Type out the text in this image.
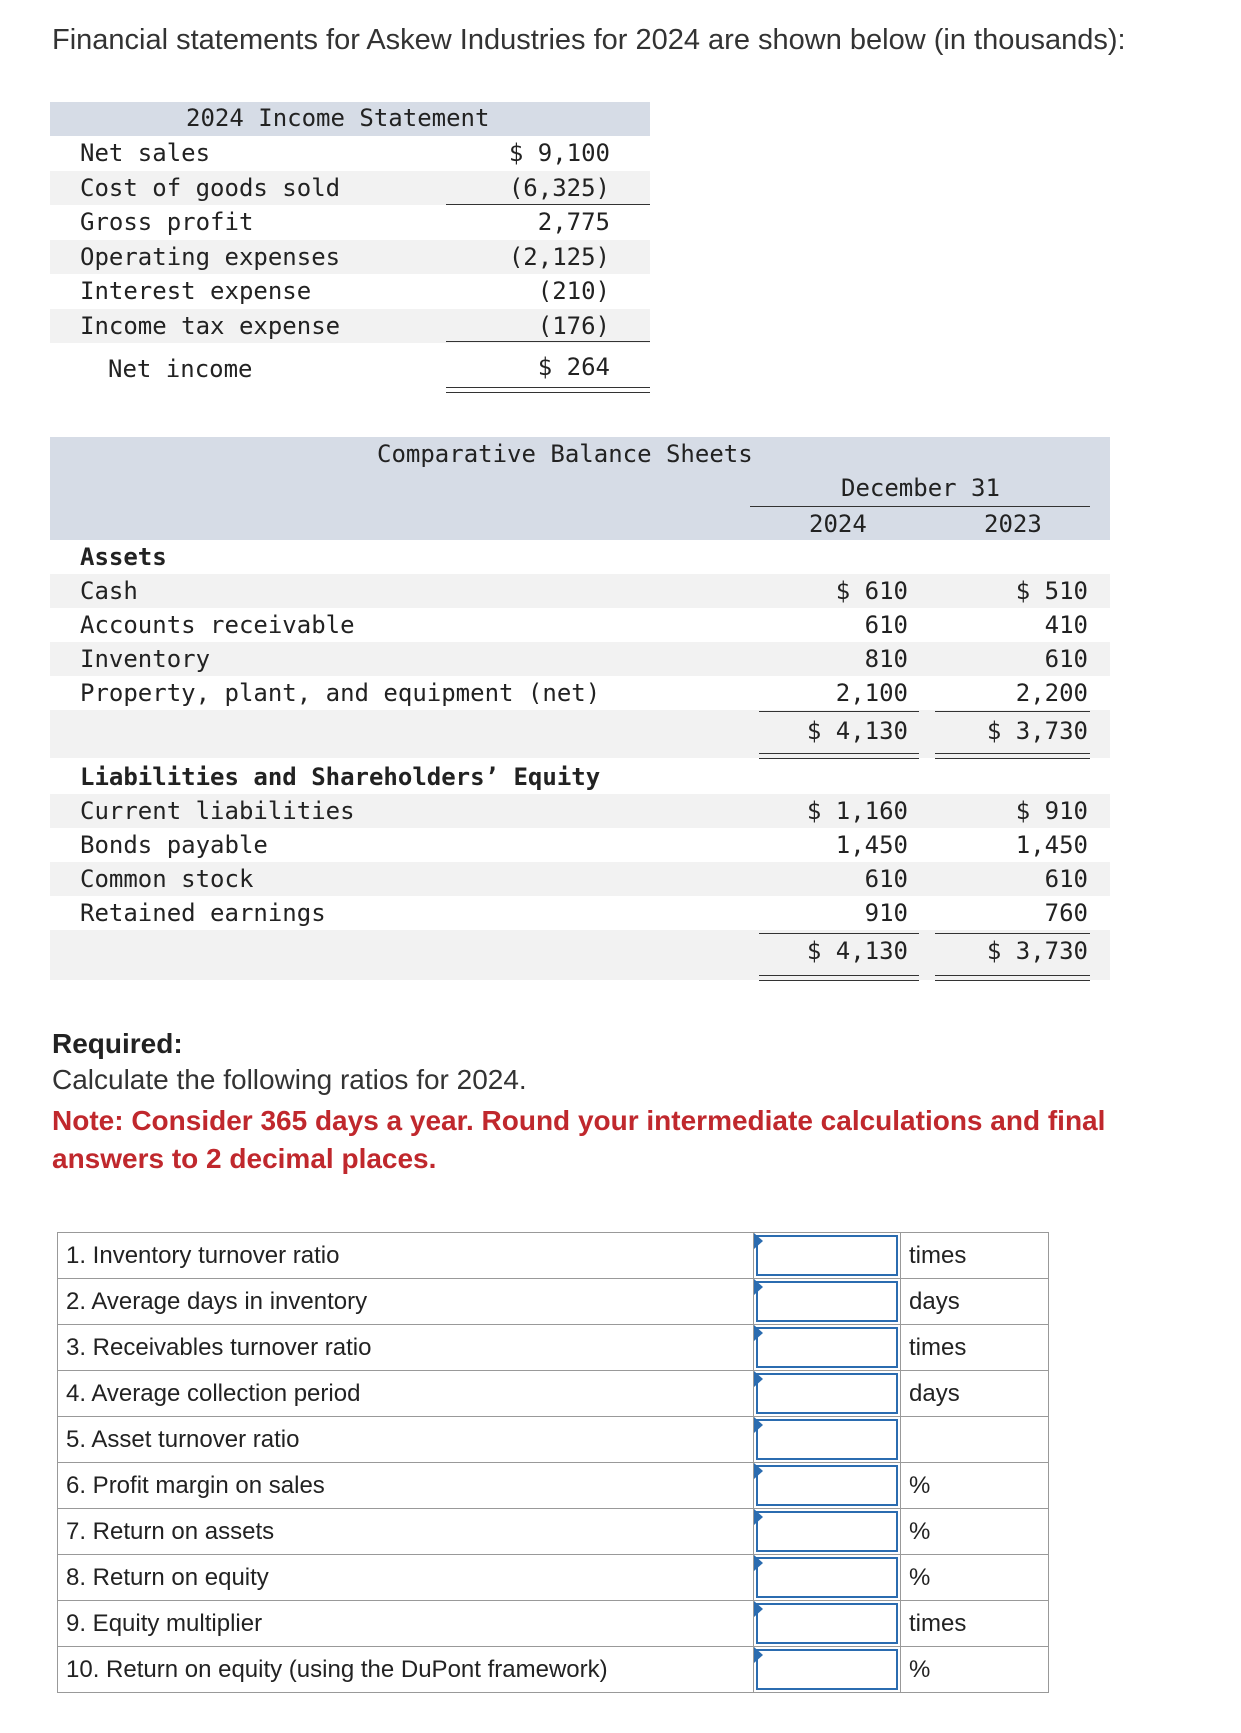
Financial statements for Askew Industries for 2024 are shown below (in thousands):
2024 Income Statement
Net sales	$ 9,100
Cost of goods sold	(6,325)
Gross profit	2,775
Operating expenses	(2,125)
Interest expense	(210)
Income tax expense	(176)
Net income	$ 264
Comparative Balance Sheets
December 31
2024	2023
Assets
Cash	$ 610	$ 510
Accounts receivable	610	410
Inventory	810	610
Property, plant, and equipment (net)	2,100	2,200
$ 4,130	$ 3,730
Liabilities and Shareholders’ Equity
Current liabilities	$ 1,160	$ 910
Bonds payable	1,450	1,450
Common stock	610	610
Retained earnings	910	760
$ 4,130	$ 3,730
Required:
Calculate the following ratios for 2024.
Note: Consider 365 days a year. Round your intermediate calculations and final answers to 2 decimal places.
1. Inventory turnover ratio		times
2. Average days in inventory		days
3. Receivables turnover ratio		times
4. Average collection period		days
5. Asset turnover ratio	

6. Profit margin on sales		%
7. Return on assets		%
8. Return on equity		%
9. Equity multiplier		times
10. Return on equity (using the DuPont framework)		%
